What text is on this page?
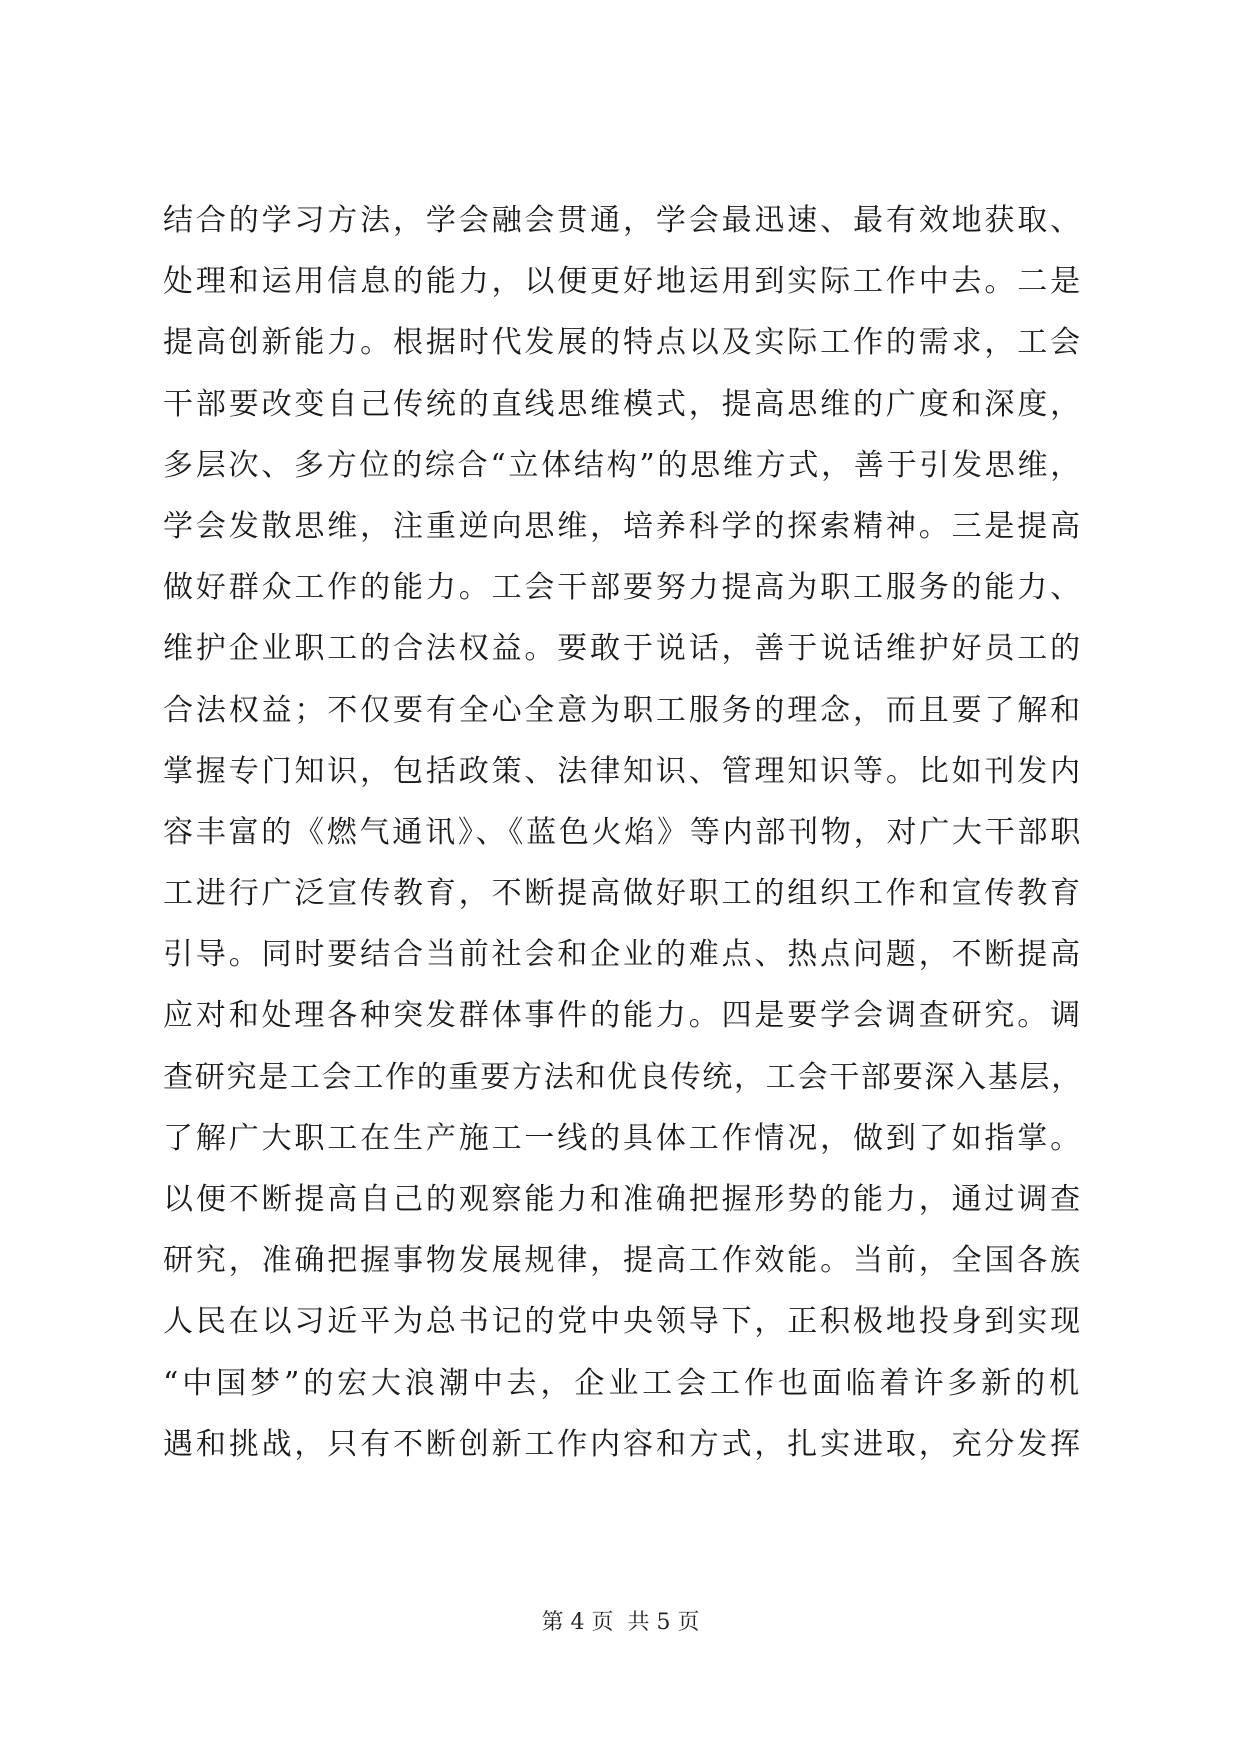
结合的学习方法，学会融会贯通，学会最迅速、最有效地获取、
处理和运用信息的能力，以便更好地运用到实际工作中去。二是
提高创新能力。根据时代发展的特点以及实际工作的需求，工会
干部要改变自己传统的直线思维模式，提高思维的广度和深度，
多层次、多方位的综合“立体结构”的思维方式，善于引发思维，
学会发散思维，注重逆向思维，培养科学的探索精神。三是提高
做好群众工作的能力。工会干部要努力提高为职工服务的能力、
维护企业职工的合法权益。要敢于说话，善于说话维护好员工的
合法权益；不仅要有全心全意为职工服务的理念，而且要了解和
掌握专门知识，包括政策、法律知识、管理知识等。比如刊发内
容丰富的《燃气通讯》、《蓝色火焰》等内部刊物，对广大干部职
工进行广泛宣传教育，不断提高做好职工的组织工作和宣传教育
引导。同时要结合当前社会和企业的难点、热点问题，不断提高
应对和处理各种突发群体事件的能力。四是要学会调查研究。调
查研究是工会工作的重要方法和优良传统，工会干部要深入基层，
了解广大职工在生产施工一线的具体工作情况，做到了如指掌。
以便不断提高自己的观察能力和准确把握形势的能力，通过调查
研究，准确把握事物发展规律，提高工作效能。当前，全国各族
人民在以习近平为总书记的党中央领导下，正积极地投身到实现
“中国梦”的宏大浪潮中去，企业工会工作也面临着许多新的机
遇和挑战，只有不断创新工作内容和方式，扎实进取，充分发挥
第 4 页 共 5 页
